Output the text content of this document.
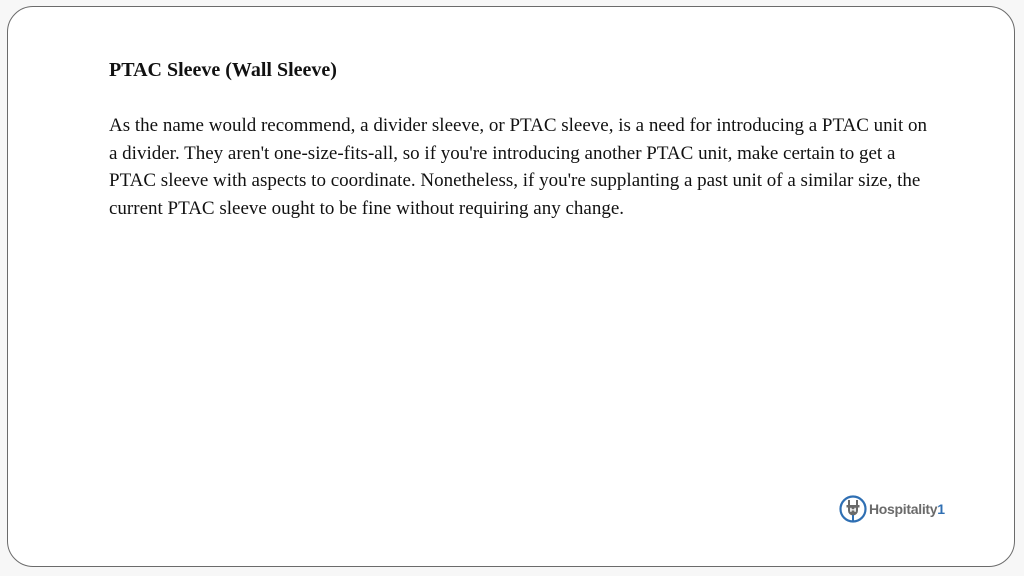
PTAC Sleeve (Wall Sleeve)

As the name would recommend, a divider sleeve, or PTAC sleeve, is a need for introducing a PTAC unit on a divider. They aren't one-size-fits-all, so if you're introducing another PTAC unit, make certain to get a PTAC sleeve with aspects to coordinate. Nonetheless, if you're supplanting a past unit of a similar size, the current PTAC sleeve ought to be fine without requiring any change.

Hospitality1
